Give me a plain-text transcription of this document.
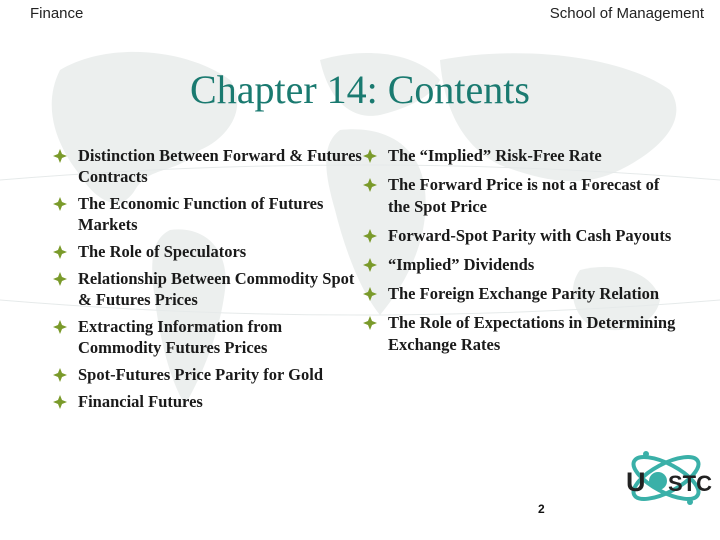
Finance	School of Management
Chapter 14: Contents
Distinction Between Forward & Futures Contracts
The Economic Function of Futures Markets
The Role of Speculators
Relationship Between Commodity Spot & Futures Prices
Extracting Information from Commodity Futures Prices
Spot-Futures Price Parity for Gold
Financial Futures
The “Implied” Risk-Free Rate
The Forward Price is not a Forecast of the Spot Price
Forward-Spot Parity with Cash Payouts
“Implied” Dividends
The Foreign Exchange Parity Relation
The Role of Expectations in Determining Exchange Rates
U STC
2
